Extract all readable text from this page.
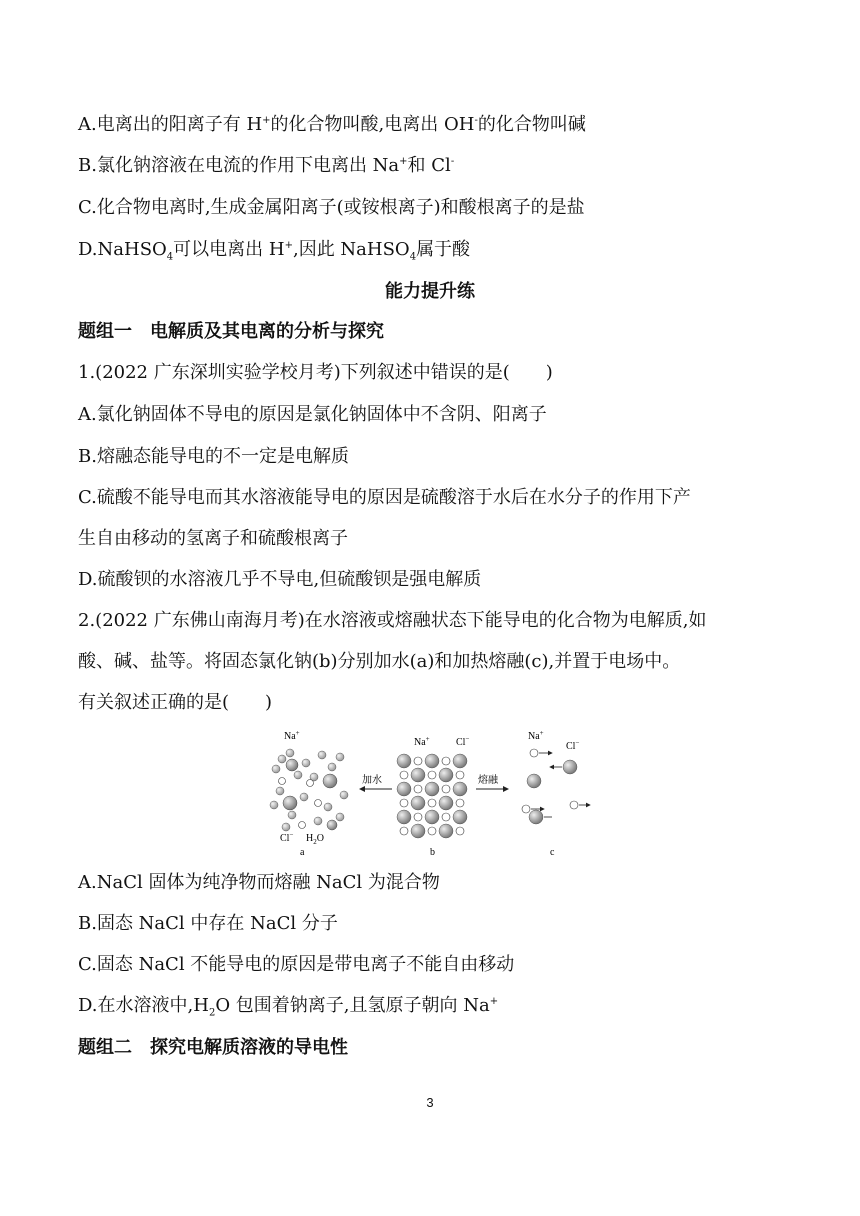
A.电离出的阳离子有 H+的化合物叫酸,电离出 OH-的化合物叫碱
B.氯化钠溶液在电流的作用下电离出 Na+和 Cl-
C.化合物电离时,生成金属阳离子(或铵根离子)和酸根离子的是盐
D.NaHSO$_4$可以电离出 H+,因此 NaHSO$_4$属于酸
能力提升练
题组一　电解质及其电离的分析与探究
1.(2022 广东深圳实验学校月考)下列叙述中错误的是(　　)
A.氯化钠固体不导电的原因是氯化钠固体中不含阴、阳离子
B.熔融态能导电的不一定是电解质
C.硫酸不能导电而其水溶液能导电的原因是硫酸溶于水后在水分子的作用下产
生自由移动的氢离子和硫酸根离子
D.硫酸钡的水溶液几乎不导电,但硫酸钡是强电解质
2.(2022 广东佛山南海月考)在水溶液或熔融状态下能导电的化合物为电解质,如
酸、碱、盐等。将固态氯化钠(b)分别加水(a)和加热熔融(c),并置于电场中。
有关叙述正确的是(　　)
Na+
Cl− $H_2O$
a
加水
Na+	Cl−
b
熔融
Na+
Cl−
c
A.NaCl 固体为纯净物而熔融 NaCl 为混合物
B.固态 NaCl 中存在 NaCl 分子
C.固态 NaCl 不能导电的原因是带电离子不能自由移动
D.在水溶液中$,H_2O$ 包围着钠离子,且氢原子朝向 Na+
题组二　探究电解质溶液的导电性
3
